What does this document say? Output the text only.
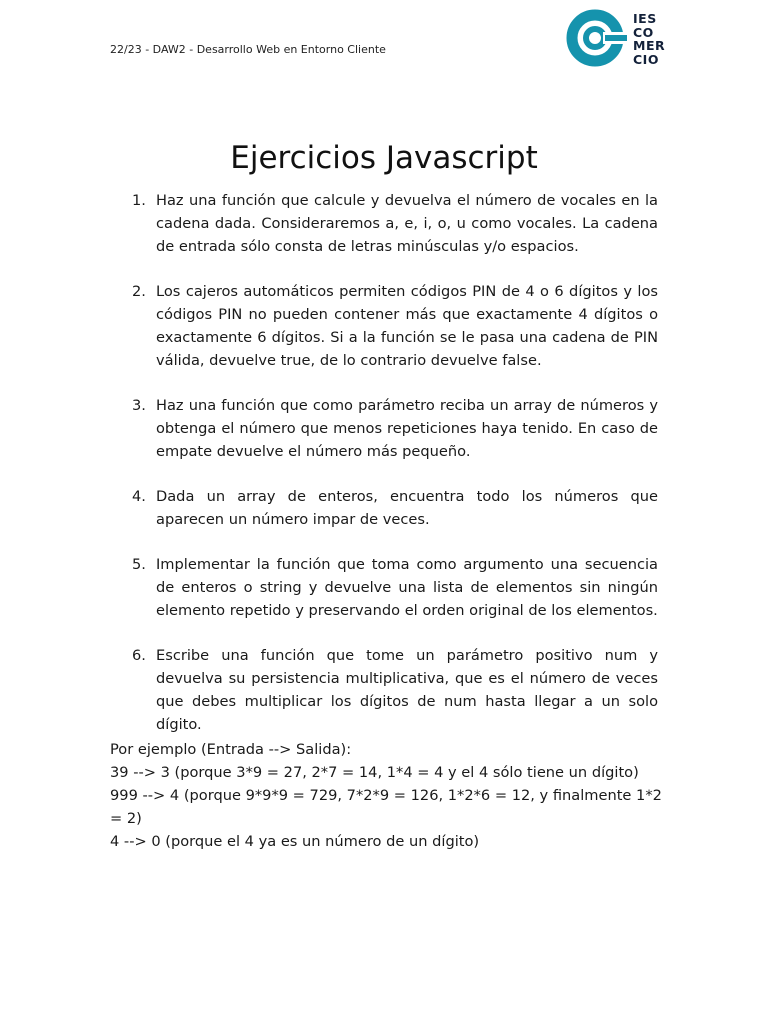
22/23 - DAW2 - Desarrollo Web en Entorno Cliente
IES
CO
MER
CIO
Ejercicios Javascript
1. Haz una función que calcule y devuelva el número de vocales en la cadena dada. Consideraremos a, e, i, o, u como vocales. La cadena de entrada sólo consta de letras minúsculas y/o espacios.
2. Los cajeros automáticos permiten códigos PIN de 4 o 6 dígitos y los códigos PIN no pueden contener más que exactamente 4 dígitos o exactamente 6 dígitos. Si a la función se le pasa una cadena de PIN válida, devuelve true, de lo contrario devuelve false.
3. Haz una función que como parámetro reciba un array de números y obtenga el número que menos repeticiones haya tenido. En caso de empate devuelve el número más pequeño.
4. Dada un array de enteros, encuentra todo los números que aparecen un número impar de veces.
5. Implementar la función que toma como argumento una secuencia de enteros o string y devuelve una lista de elementos sin ningún elemento repetido y preservando el orden original de los elementos.
6. Escribe una función que tome un parámetro positivo num y devuelva su persistencia multiplicativa, que es el número de veces que debes multiplicar los dígitos de num hasta llegar a un solo dígito.
Por ejemplo (Entrada --> Salida):
39 --> 3 (porque 3*9 = 27, 2*7 = 14, 1*4 = 4 y el 4 sólo tiene un dígito)
999 --> 4 (porque 9*9*9 = 729, 7*2*9 = 126, 1*2*6 = 12, y finalmente 1*2 = 2)
4 --> 0 (porque el 4 ya es un número de un dígito)
